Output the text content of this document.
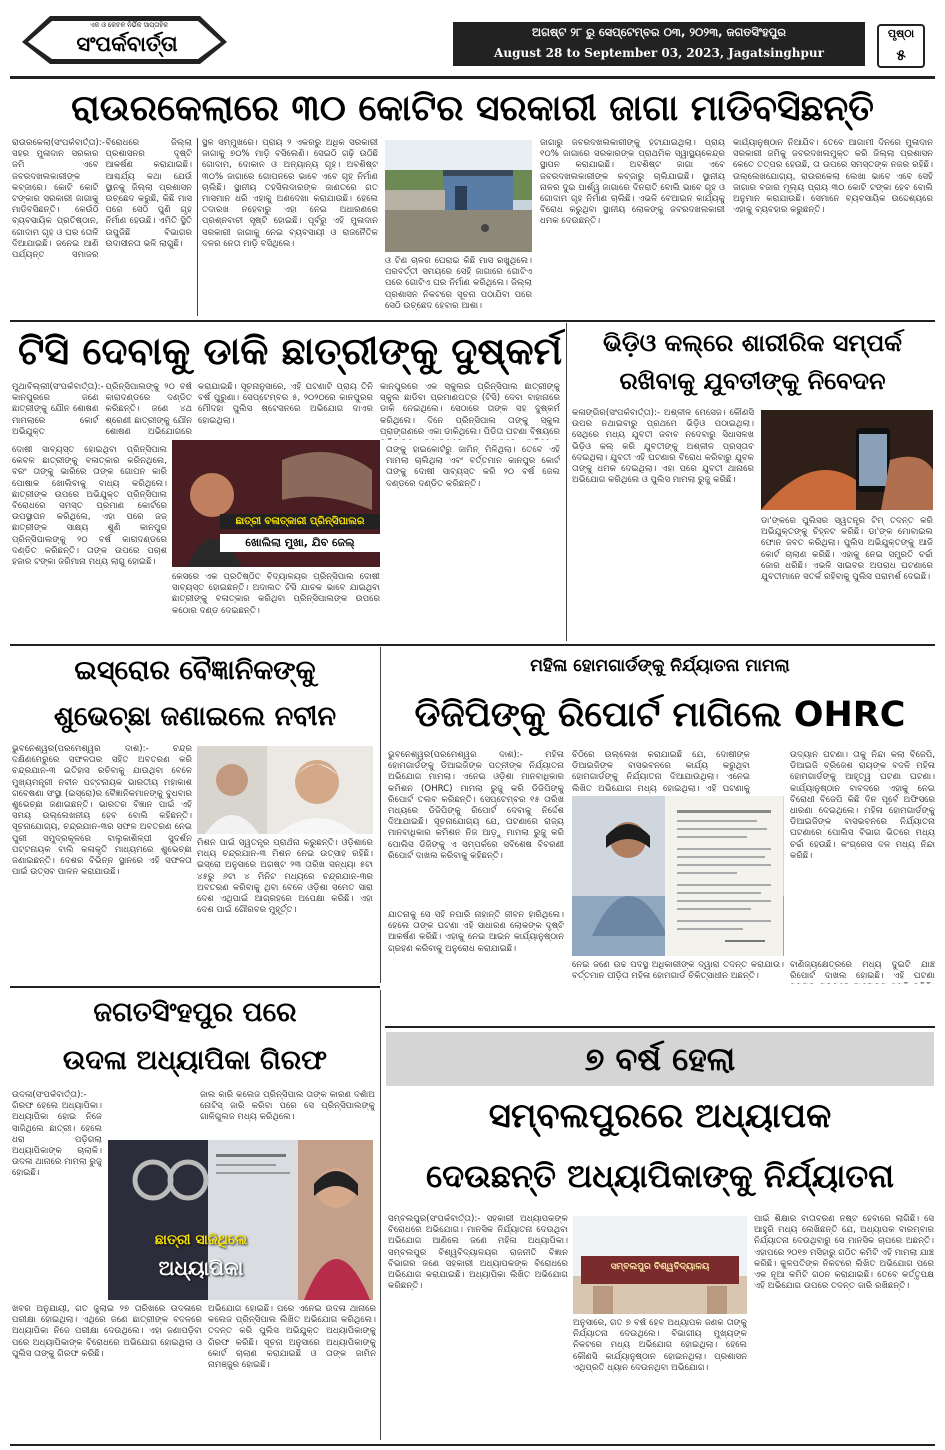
ଏକ ଓ କେବଳ ନିର୍ଭିକ ସାପ୍ତାହିକ
ସଂପର୍କବାର୍ତ୍ତା	ଅଗଷ୍ଟ ୨୮ ରୁ ସେପ୍ଟେମ୍ବର ୦୩, ୨୦୨୩, ଜଗତସିଂହପୁର
August 28 to September 03, 2023, Jagatsinghpur
ପୃଷ୍ଠା
୫
ରାଉରକେଲାରେ ୩୦ କୋଟିର ସରକାରୀ ଜାଗା ମାଡିବସିଛନ୍ତି
ରାଉରକେଲା(ସଂପର୍କବାର୍ତ୍ତା):- ସହର ମୁଳାଦାନ ସରକାର ଜମି ଏବେ ଜବରଦଖଲକାରୀଙ୍କ କବ୍ଜାରେ। କୋଟି କୋଟି ଟଙ୍କାର ସରକାରୀ ଜାଗାକୁ ମାଡିବସିଛନ୍ତି। କେଉଁଠି ବ୍ୟବସାୟିକ ପ୍ରତିଷ୍ଠାନ, ଗୋଦାମ ଗୃହ ଓ ଘର ତୋଳି ଦିଆଯାଇଛି। ଜନେଇ ଆଣି ପର୍ଯ୍ୟନ୍ତ ସମାଜର ବିରୋଧରେ ଜିଲ୍ଲା ପ୍ରଶାସନର ଦୃଷ୍ଟି ଆକର୍ଷଣ କରାଯାଇଛି। ଆଶ୍ଚର୍ଯ୍ୟ କଥା ଯେଉଁ ସ୍ଥାନକୁ ଜିଲ୍ଲା ପ୍ରଶାସନ ଉଚ୍ଛେଦ କରୁଛି, କିଛି ମାସ ପରେ ସେଠି ପୁଣି ଗୃହ ନିର୍ମାଣ ହେଉଛି। ଏମିତି ସ୍ଥିତି ଉପୁଜିଛି ବିଭାଗର ଉଦାସୀନତା ଭଳି ଲାଗୁଛି।
ସ୍ଥଳ ସମ୍ମୁଖରେ। ପ୍ରାୟ ୨ ଏକରରୁ ଅଧିକ ସରକାରୀ ଜାଗାକୁ ୭୦% ମାଡ଼ି ବସିଲେଣି। ସେଇଠି ଗଢ଼ି ଉଠିଛି ଗୋଦାମ, ଦୋକାନ ଓ ଅନ୍ୟାନ୍ୟ ଗୃହ। ଅବଶିଷ୍ଟ ୩୦% ଜାଗାରେ ଗୋପନରେ ଭାବେ ଏବେ ଗୃହ ନିର୍ମାଣ ଚାଲିଛି। ସ୍ଥାନୀୟ ତହସିଲଦାରଙ୍କ ଜାଣତରେ ଗତ ମାସମାନ ଧରି ଏହାକୁ ଅଣଦେଖା କରାଯାଉଛି। ହେଲେ ତଦାରଖ ନହେବାରୁ ଏହା ନେଇ ଅଧାରଣରେ ପ୍ରଶ୍ନବାଚୀ ସୃଷ୍ଟି ହୋଇଛି। ପୂର୍ବରୁ ଏହି ମୁଳାଦାନ ସରକାରୀ ଜାଗାକୁ ନେଇ ବ୍ୟବସାୟୀ ଓ ରାଜନୈତିକ ଦଳର ନେତା ମାଡ଼ି ବସିଥିଲେ।
ଓ ଟିଣ ଚାଳର ଘେରାଇ କିଛି ମାସ ରଖୁଥିଲେ। ପରବର୍ତ୍ତୀ ସମୟରେ ସେହି ଜାଗାରେ ଗୋଟିଏ ପରେ ଗୋଟିଏ ଘର ନିର୍ମାଣ କରିଥିଲେ। ଜିଲ୍ଲା ପ୍ରଶାସନ ନିକଟରେ ସୂଚନା ପଠାଯିବା ପରେ ସେଠି ଉଚ୍ଛେଦ ହେବାର ଆଶା।
ଜାଗାରୁ ଜବରଦଖଲକାରୀଙ୍କୁ ହଟାଯାଇଥିଲା। ପ୍ରାୟ ୧୦% ଜାଗାରେ ସରକାରଙ୍କ ପ୍ରାଥମିକ ସ୍ୱାସ୍ଥ୍ୟକେନ୍ଦ୍ର ସ୍ଥାପନ କରାଯାଇଛି। ଅବଶିଷ୍ଟ ଜାଗା ଏବେ ଜବରଦଖଲକାରୀଙ୍କ କବ୍ଜାରୁ ଚାଲିଯାଇଛି। ସ୍ଥାନୀୟ ନାଳର ଦୁଇ ପାର୍ଶ୍ୱ ଜାଗାରେ ଦିନରାତି ବୋଲି ଭାବେ ଗୃହ ଓ ଗୋଦାମ ଗୃହ ନିର୍ମାଣ ଚାଲିଛି। ଏଭଳି ବେଆଇନ କାର୍ଯ୍ୟକୁ ବିରୋଧ କରୁଥିବା ସ୍ଥାନୀୟ ଲୋକଙ୍କୁ ଜବରଦଖଲକାରୀ ଧମକ ଦେଉଛନ୍ତି।
କାର୍ଯ୍ୟାନୁଷ୍ଠାନ ନିଆଯିବ। ତେବେ ଆଗାମୀ ଦିନରେ ମୁଳାଦାନ ସରକାରୀ ଜମିକୁ ଜବରଦଖଲମୁକ୍ତ କରି ଜିଲ୍ଲା ପ୍ରଶାସନ କେତେ ତତ୍ପର ହେଉଛି, ତା ଉପରେ ସମସ୍ତଙ୍କ ନଜର ରହିଛି। ଉଲ୍ଲେଖଯୋଗ୍ୟ, ରାଉରକେଲା ଲେଖା ଭାବେ ଏବେ ସେହି ଜାଗାର ବଜାର ମୂଲ୍ୟ ପ୍ରାୟ ୩୦ କୋଟି ଟଙ୍କା ହେବ ବୋଲି ଅନୁମାନ କରାଯାଉଛି। ସେମାନେ ବ୍ୟବସାୟିକ ଉଦ୍ଦେଶ୍ୟରେ ଏହାକୁ ବ୍ୟବହାର କରୁଛନ୍ତି।
ଟିସି ଦେବାକୁ ଡାକି ଛାତ୍ରୀଙ୍କୁ ଦୁଷ୍କର୍ମ
ମୁଥାବିଲ୍ଲୀ(ସଂପର୍କବାର୍ତ୍ତା):- କାନପୁରରେ ଜଣେ ଛାତ୍ରୀଙ୍କୁ ଯୌନ ଶୋଷଣ ମାମଲାରେ କୋର୍ଟ ଅଭିଯୁକ୍ତ ପ୍ରିନ୍ସିପାଲଙ୍କୁ ୨୦ ବର୍ଷ କାରାଦଣ୍ଡରେ ଦଣ୍ଡିତ କରିଛନ୍ତି। ଜଣେ ୪ଥ ଶ୍ରେଣୀ ଛାତ୍ରୀଙ୍କୁ ଯୌନ ଶୋଷଣ ଅଭିଯୋଗରେ
କରାଯାଇଛି। ସୂଚନାନୁସାରେ, ଏହି ଘଟଣାଟି ପ୍ରାୟ ତିନି ବର୍ଷ ପୁରୁଣା। ସେପ୍ଟେମ୍ବର ୫, ୨୦୨୦ରେ କାନପୁରର ମୌଦହା ପୁଲିସ ଷ୍ଟେସନରେ ଅଭିଯୋଗ ଦାଏର ହୋଇଥିଲା।
କାନପୁରରେ ଏକ ସ୍କୁଲର ପ୍ରିନ୍ସିପାଲ ଛାତ୍ରୀଙ୍କୁ ସ୍କୁଲ ଛାଡିବା ପ୍ରମାଣପତ୍ର (ଟିସି) ଦେବା ବାହାନାରେ ଡାକି ନେଇଥିଲେ। ସେଠାରେ ତାଙ୍କ ସହ ଦୁଷ୍କର୍ମ କରିଥିଲେ। ଦିନେ ପ୍ରିନ୍ସିପାଲ ତାଙ୍କୁ ସ୍କୁଲ ପ୍ରାଙ୍ଗଣରେ ଏକା ଡାକିଥିଲେ। ପିଡିତା ଘଟଣା ବିଷୟରେ
ଛାତ୍ରୀ ବଳାତ୍କାରୀ ପ୍ରିନ୍ସିପାଲର
ଖୋଲିଲା ମୁଖା, ଯିବ ଜେଲ୍
ଦୋଷୀ ସାବ୍ୟସ୍ତ ହୋଇଥିବା ପ୍ରିନ୍ସିପାଲ କେବଳ ଛାତ୍ରୀଙ୍କୁ ବଳାତ୍କାର କରିନଥିଲେ, ବରଂ ତାଙ୍କୁ ଭାରିରେ ତାଙ୍କ ଗୋପନ କାରି ପୋଷାକ ଖୋଲିବାକୁ ବାଧ୍ୟ କରିଥିଲେ। ଛାତ୍ରୀଙ୍କ ଉପରେ ଅଭିଯୁକ୍ତ ପ୍ରିନ୍ସିପାଲ ବିରୋଧରେ ସମସ୍ତ ପ୍ରମାଣ କୋର୍ଟରେ ଉପସ୍ଥାପନ କରିଥିଲେ, ଏହା ପରେ ଜଜ୍ ଛାତ୍ରୀଙ୍କ ସାକ୍ଷ୍ୟ ଶୁଣି କାନପୁର ପ୍ରିନ୍ସିପାଲଙ୍କୁ ୨୦ ବର୍ଷ କାରାଦଣ୍ଡରେ ଦଣ୍ଡିତ କରିଛନ୍ତି। ତାଙ୍କ ଉପରେ ପଚାଶ ହଜାର ଟଙ୍କା ଜରିମାନା ମଧ୍ୟ ଲାଗୁ ହୋଇଛି।
କେସରେ ଏକ ପ୍ରତିଷ୍ଠିତ ବିଦ୍ୟାଳୟର ପ୍ରିନ୍ସିପାଲ ଦୋଷୀ ସାବ୍ୟସ୍ତ ହୋଇଛନ୍ତି। ଅଦାଲତ ଟିସି ଯାଚକ ଭାବେ ଯାଇଥିବା ଛାତ୍ରୀଙ୍କୁ ବଳାତ୍କାର କରିଥିବା ପ୍ରିନ୍ସିପାଲଙ୍କ ଉପରେ କଠୋର ଦଣ୍ଡ ଦେଇଛନ୍ତି।
ତାଙ୍କୁ ହାଇକୋର୍ଟରୁ ଜାମିନ୍ ମିଳିଥିଲା। ତେବେ ଏହି ମାମଲା ଚାଲିଥିଲା ଏବଂ ବର୍ତ୍ତମାନ କାନପୁର କୋର୍ଟ ତାଙ୍କୁ ଦୋଷୀ ସାବ୍ୟସ୍ତ କରି ୨୦ ବର୍ଷ ଜେଲ ଦଣ୍ଡରେ ଦଣ୍ଡିତ କରିଛନ୍ତି।
ଭିଡ଼ିଓ କଲ୍‌ରେ ଶାରୀରିକ ସମ୍ପର୍କ
ରଖିବାକୁ ଯୁବତୀଙ୍କୁ ନିବେଦନ
କଳାଙ୍ଗିର(ସଂପର୍କବାର୍ତ୍ତା):- ଅଶ୍ଳୀଳ ମେସେଜ। କୌଣସି ଉପର ନଥାଇବାରୁ ପ୍ରଥମେ ଭିଡ଼ିଓ ପଠାଇଥିଲା। ସେଥିରେ ମଧ୍ୟ ଯୁବତୀ ଜବାବ ନଦେବାରୁ ସିଧାସଳଖ ଭିଡ଼ିଓ କଲ୍ କରି ଯୁବତୀଙ୍କୁ ଅଶ୍ଳୀଳ ପ୍ରସ୍ତାବ ଦେଇଥିଲା। ଯୁବତୀ ଏହି ଘଟଣାର ବିରୋଧ କରିବାରୁ ଯୁବକ ତାଙ୍କୁ ଧମକ ଦେଇଥିଲା। ଏହା ପରେ ଯୁବତୀ ଥାନାରେ ଅଭିଯୋଗ କରିଥିଲେ ଓ ପୁଲିସ ମାମଲା ରୁଜୁ କରିଛି।
ଡା'ଙ୍କରେ ପୁଲିସର ସ୍ୱତନ୍ତ୍ର ଟିମ୍ ତଦନ୍ତ କରି ଅଭିଯୁକ୍ତଙ୍କୁ ଚିହ୍ନଟ କରିଛି। ଡା'ଙ୍କ ମୋବାଇଲ ଫୋନ ଜବତ କରିଥିଲା। ପୁଲିସ ଅଭିଯୁକ୍ତଙ୍କୁ ଆଜି କୋର୍ଟ ଚାଲାଣ କରିଛି। ଏହାକୁ ନେଇ ସମ୍ପ୍ରତି ଚର୍ଚ୍ଚା ଜୋର ଧରିଛି। ଏଭଳି ସାଇବର ଅପରାଧ ଘଟଣାରେ ଯୁବତୀମାନେ ସତର୍କ ରହିବାକୁ ପୁଲିସ ପରାମର୍ଶ ଦେଇଛି।
ଇସ୍ରୋର ବୈଜ୍ଞାନିକଙ୍କୁ
ଶୁଭେଚ୍ଛା ଜଣାଇଲେ ନବୀନ
ଭୁବନେଶ୍ୱର(ପରମେଶ୍ୱର ଦାଶ):- ଚନ୍ଦ୍ର ଦକ୍ଷିଣମେରୁରେ ସଫଳତାର ସହିତ ଅବତରଣ କରି ଚନ୍ଦ୍ରଯାନ-୩ ଇତିହାସ ରଚିବାକୁ ଯାଉଥିବା ବେଳେ ମୁଖ୍ୟମନ୍ତ୍ରୀ ନବୀନ ପଟ୍ଟନାୟକ ଭାରତୀୟ ମହାକାଶ ଗବେଷଣା ସଂସ୍ଥା (ଇସ୍ରୋ)ର ବୈଜ୍ଞାନିକମାନଙ୍କୁ ବୁଧବାର ଶୁଭେଚ୍ଛା ଜଣାଇଛନ୍ତି। ଭାରତର ବିଜ୍ଞାନ ପାଇଁ ଏହି ସମୟ ଉଲ୍ଲେଖନୀୟ ହେବ ବୋଲି କହିଛନ୍ତି। ସୂଚନାଯୋଗ୍ୟ, ଚନ୍ଦ୍ରଯାନ-୩ର ସଫଳ ଅବତରଣ ନେଇ ପୁରୀ ସମୁଦ୍ରକୂଳରେ ବାଲୁକାଶିଳ୍ପୀ ସୁଦର୍ଶନ ପଟ୍ଟନାୟକ ବାଲି କଳାକୃତି ମାଧ୍ୟମରେ ଶୁଭେଚ୍ଛା ଜଣାଇଛନ୍ତି। ଦେଶର ବିଭିନ୍ନ ସ୍ଥାନରେ ଏହି ସଫଳତା ପାଇଁ ଉତ୍ସବ ପାଳନ କରାଯାଉଛି।
ମିଶନ ପାଇଁ ସ୍ୱତନ୍ତ୍ର ପ୍ରାର୍ଥନା କରୁଛନ୍ତି। ଓଡ଼ିଶାରେ ମଧ୍ୟ ଚନ୍ଦ୍ରଯାନ-୩ ମିଶନ ନେଇ ଉତ୍ସାହ ରହିଛି। ଇସ୍ରୋ ଅନୁସାରେ ଅଗଷ୍ଟ ୨୩ ତାରିଖ ସନ୍ଧ୍ୟା ୫ଟା ୪୫ରୁ ୬ଟା ୪ ମିନିଟ ମଧ୍ୟରେ ଚନ୍ଦ୍ରଯାନ-୩ର ଅବତରଣ କରିବାକୁ ଥିବା ବେଳେ ଓଡ଼ିଶା ସମେତ ସାରା ଦେଶ ଏଥିପାଇଁ ଆଗ୍ରହରେ ଅପେକ୍ଷା କରିଛି। ଏହା ଦେଶ ପାଇଁ ଗୌରବର ମୁହୂର୍ତ୍ତ।
ମହିଳା ହୋମଗାର୍ଡଙ୍କୁ ନିର୍ଯ୍ୟାତନା ମାମଲା
ଡିଜିପିଙ୍କୁ ରିପୋର୍ଟ ମାଗିଲେ OHRC
ଭୁବନେଶ୍ୱର(ପରମେଶ୍ୱର ଦାଶ):- ମହିଳା ହୋମଗାର୍ଡଙ୍କୁ ଡିଆଇଜିଙ୍କ ପତ୍ନୀଙ୍କ ନିର୍ଯ୍ୟାତନା ଅଭିଯୋଗ ମାମଲା। ଏନେଇ ଓଡ଼ିଶା ମାନବାଧିକାର କମିଶନ (OHRC) ମାମଲା ରୁଜୁ କରି ଡିଜିପିଙ୍କୁ ରିପୋର୍ଟ ତଲବ କରିଛନ୍ତି। ସେପ୍ଟେମ୍ବର ୧୫ ତାରିଖ ମଧ୍ୟରେ ଡିଜିପିଙ୍କୁ ରିପୋର୍ଟ ଦେବାକୁ ନିର୍ଦ୍ଦେଶ ଦିଆଯାଇଛି। ସୂଚନାଯୋଗ୍ୟ ଯେ, ଘଟଣାରେ ରାଜ୍ୟ ମାନବାଧିକାର କମିଶନ ନିଜ ଆଡ଼ୁ ମାମଲା ରୁଜୁ କରି ପୋଲିସ ଡିଜିଙ୍କୁ ଏ ସମ୍ପର୍କରେ ସବିଶେଷ ବିବରଣୀ ରିପୋର୍ଟ ଦାଖଲ କରିବାକୁ କହିଛନ୍ତି।
ଚିଠିରେ ଉଲ୍ଲେଖ କରାଯାଇଛି ଯେ, ଦୋଷୀଙ୍କ ଡିଆଇଜିଙ୍କ ବାସଭବନରେ କାର୍ଯ୍ୟ କରୁଥିବା ହୋମଗାର୍ଡଙ୍କୁ ନିର୍ଯ୍ୟାତନା ଦିଆଯାଉଥିଲା। ଏନେଇ ଲିଖିତ ଅଭିଯୋଗ ମଧ୍ୟ ହୋଇଥିଲା। ଏହି ଘଟଣାକୁ
ଉଦ୍ୟାନ ଘଟଣା। ତାକୁ ନିନ୍ଦା କଲା ବିଜେପି, ଡିଆଇଜି ବ୍ରିଜେଶ ରାୟଙ୍କ ବଦଳି ମହିଳା ହୋମଗାର୍ଡଙ୍କୁ ଆହୃତ୍ୱ ଘଟଣା ଘଟଣା। କାର୍ଯ୍ୟାନୁଷ୍ଠାନ ବାବଦରେ ଏହାକୁ ନେଇ ବିରୋଧୀ ବିଜେପି କିଛି ଦିନ ପୂର୍ବେ ଅଫିସରେ ଧାରଣା ଦେଇଥିଲେ। ମହିଳା ହୋମଗାର୍ଡଙ୍କୁ ଡିଆଇଜିଙ୍କ ବାସଭବନରେ ନିର୍ଯ୍ୟାତନା ଘଟଣାରେ ପୋଲିସ ବିଭାଗ ଭିତରେ ମଧ୍ୟ ଚର୍ଚ୍ଚା ହେଉଛି। କଂଗ୍ରେସ ଦଳ ମଧ୍ୟ ନିନ୍ଦା କରିଛି।
ଯାତନାକୁ ସେ ସହି ନପାରି ନାହାନ୍ତି ଜୀବନ ହାରିଥିଲେ। ହେଲେ ତାଙ୍କ ଘଟଣା ଏହି ସାଧାରଣ ଲୋକଙ୍କ ଦୃଷ୍ଟି ଆକର୍ଷଣ କରିଛି। ଏହାକୁ ନେଇ ଆଇନ କାର୍ଯ୍ୟାନୁଷ୍ଠାନ ଗ୍ରହଣ କରିବାକୁ ଅନୁରୋଧ କରାଯାଇଛି।
ନେଇ ଜଣେ ଉଚ୍ଚ ପଦସ୍ଥ ଅଧିକାରୀଙ୍କ ଦ୍ୱାରା ତଦନ୍ତ କରାଯାଉ। ବର୍ତ୍ତମାନ ପୀଡ଼ିତା ମହିଳା ହୋମଗାର୍ଡ ଚିକିତ୍ସାଧୀନ ଅଛନ୍ତି।
ବାଣିଜ୍ୟକ୍ଷେତ୍ରରେ ମଧ୍ୟ ଦୁଇଟି ଯାଞ୍ଚ ରିପୋର୍ଟ ଦାଖଲ ହୋଇଛି। ଏହି ଘଟଣା
ଜଗତସିଂହପୁର ପରେ
ଉଦଳା ଅଧ୍ୟାପିକା ଗିରଫ
ଉଦଳା(ସଂପର୍କବାର୍ତ୍ତା):- ଗିରଫ ହେଲେ ଅଧ୍ୟାପିକା। ଅଧ୍ୟାପିକା ହୋଇ ନିଜେ ସାଜିଥିଲେ ଛାତ୍ରୀ। ହେଲେ ଧରା ପଡ଼ିଗଲା ଅଧ୍ୟାପିକାଙ୍କ ଚାଲାକି। ଉଦଳା ଥାନାରେ ମାମଲା ରୁଜୁ ହୋଇଛି।
ଜାଲ କାରି କଲେଜ ପ୍ରିନ୍ସିପାଲ ତାଙ୍କ କାରଣ ଦର୍ଶାଅ ନୋଟିସ୍ ଜାରି କରିବା ପରେ ସେ ପ୍ରିନ୍ସିପାଲଙ୍କୁ ଗାଳିଗୁଲଜ ମଧ୍ୟ କରିଥିଲେ।
ଛାତ୍ରୀ ସାଜିଥିଲେ
ଅଧ୍ୟାପିକା
ଖବର ଅନୁଯାୟୀ, ଗତ ଜୁଲାଇ ୨୭ ତାରିଖରେ ଉଦଳାରେ ପରୀକ୍ଷା ହୋଇଥିଲା। ଏଥିରେ ଜଣେ ଛାତ୍ରୀଙ୍କ ବଦଳରେ ଅଧ୍ୟାପିକା ନିଜେ ପରୀକ୍ଷା ଦେଉଥିଲେ। ଏହା ଜଣାପଡ଼ିବା ପରେ ଅଧ୍ୟାପିକାଙ୍କ ବିରୋଧରେ ଅଭିଯୋଗ ହୋଇଥିଲା ଓ ପୁଲିସ ତାଙ୍କୁ ଗିରଫ କରିଛି।
ଅଭିଯୋଗ ହୋଇଛି। ପରେ ଏନେଇ ଉଦଳା ଥାନାରେ କଲେଜ ପ୍ରିନ୍ସିପାଲ ଲିଖିତ ଅଭିଯୋଗ କରିଥିଲେ। ତଦନ୍ତ କରି ପୁଲିସ ଅଭିଯୁକ୍ତ ଅଧ୍ୟାପିକାଙ୍କୁ ଗିରଫ କରିଛି। ସୂଚନା ଅନୁସାରେ ଅଧ୍ୟାପିକାଙ୍କୁ କୋର୍ଟ ଚାଲାଣ କରାଯାଇଛି ଓ ତାଙ୍କ ଜାମିନ ନାମଞ୍ଜୁର ହୋଇଛି।
୭ ବର୍ଷ ହେଲା
ସମ୍ବଲପୁରରେ ଅଧ୍ୟାପକ
ଦେଉଛନ୍ତି ଅଧ୍ୟାପିକାଙ୍କୁ ନିର୍ଯ୍ୟାତନା
ସମ୍ବଲପୁର(ସଂପର୍କବାର୍ତ୍ତା):- ସହକାରୀ ଅଧ୍ୟାପକଙ୍କ ବିରୋଧରେ ଅଭିଯୋଗ। ମାନସିକ ନିର୍ଯ୍ୟାତନା ଦେଉଥିବା ଅଭିଯୋଗ ଆଣିଲେ ଜଣେ ମହିଳା ଅଧ୍ୟାପିକା। ସମ୍ବଲପୁର ବିଶ୍ୱବିଦ୍ୟାଳୟର ରାଜନୀତି ବିଜ୍ଞାନ ବିଭାଗର ଜଣେ ସହକାରୀ ଅଧ୍ୟାପକଙ୍କ ବିରୋଧରେ ଅଭିଯୋଗ କରାଯାଇଛି। ଅଧ୍ୟାପିକା ଲିଖିତ ଅଭିଯୋଗ କରିଛନ୍ତି।
ସମ୍ବଲପୁର ବିଶ୍ୱବିଦ୍ୟାଳୟ
ଅନୁସାରେ, ଗତ ୭ ବର୍ଷ ହେବ ଅଧ୍ୟାପକ ଜଣକ ତାଙ୍କୁ ନିର୍ଯ୍ୟାତନା ଦେଉଥିଲେ। ବିଭାଗୀୟ ମୁଖ୍ୟଙ୍କ ନିକଟରେ ମଧ୍ୟ ଅଭିଯୋଗ ହୋଇଥିଲା। ହେଲେ କୌଣସି କାର୍ଯ୍ୟାନୁଷ୍ଠାନ ହୋଇନଥିଲା। ପ୍ରଶାସନ ଏଥିପ୍ରତି ଧ୍ୟାନ ଦେଉନଥିବା ଅଭିଯୋଗ।
ପାଇଁ ଶିକ୍ଷାର ବାତାବରଣ ନଷ୍ଟ ହେବାରେ ଲାଗିଛି। ସେ ଆହୁରି ମଧ୍ୟ ଲେଖିଛନ୍ତି ଯେ, ଅଧ୍ୟାପକ ବାରମ୍ବାର ନିର୍ଯ୍ୟାତନା ଦେଉଥିବାରୁ ସେ ମାନସିକ ଚାପରେ ଅଛନ୍ତି। ଏହାପରେ ୨୦୧୭ ମସିହାରୁ ଗଠିତ କମିଟି ଏହି ମାମଲା ଯାଞ୍ଚ କରିଛି। କୁଳପତିଙ୍କ ନିକଟରେ ଲିଖିତ ଅଭିଯୋଗ ପରେ ଏକ ନୂଆ କମିଟି ଗଠନ କରାଯାଇଛି। ତେବେ କର୍ତ୍ତୃପକ୍ଷ ଏହି ଅଭିଯୋଗ ଉପରେ ତଦନ୍ତ ଜାରି ରଖିଛନ୍ତି।
